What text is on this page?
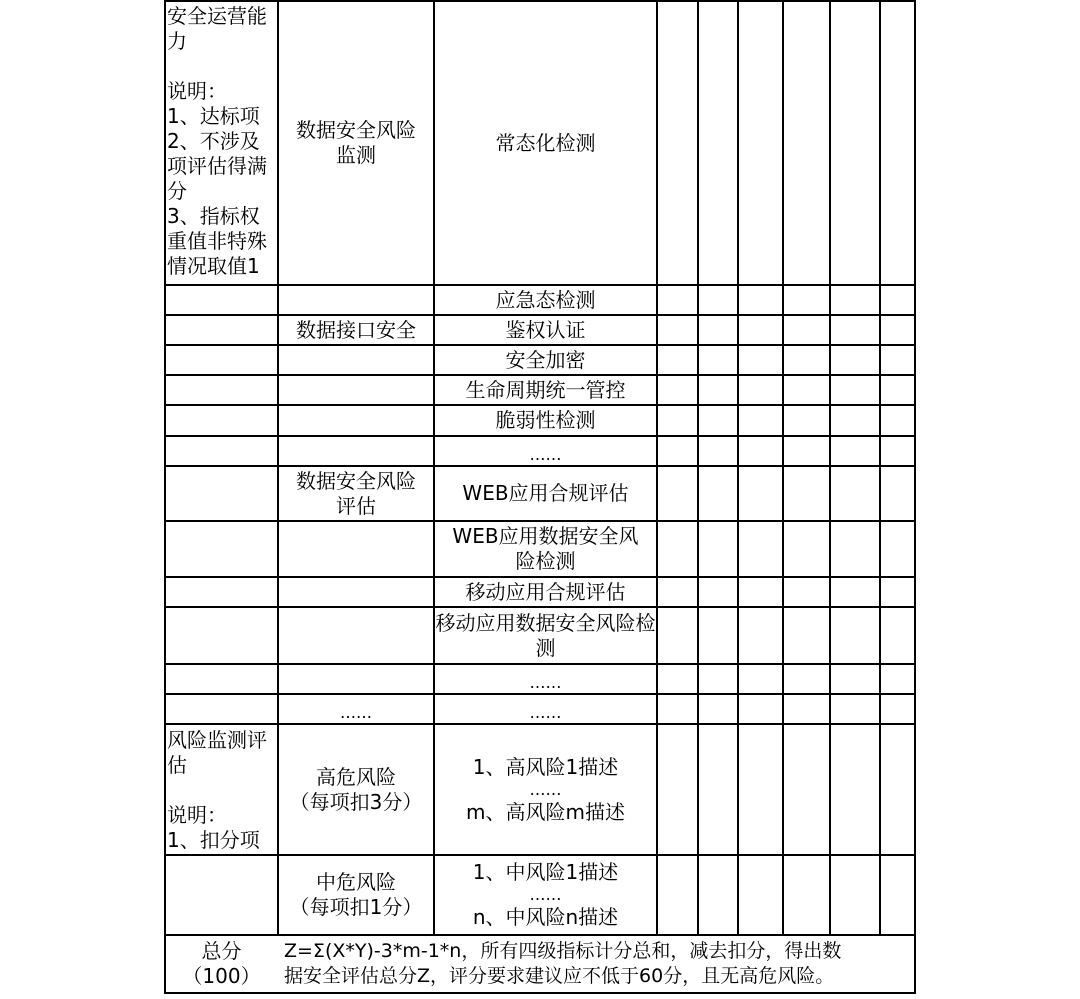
安全运营能力
说明：
1、达标项
2、不涉及项评估得满分
3、指标权重值非特殊情况取值1
数据安全风险监测
常态化检测
应急态检测
数据接口安全	鉴权认证
安全加密
生命周期统一管控
脆弱性检测
……
数据安全风险评估
WEB应用合规评估
WEB应用数据安全风险检测
移动应用合规评估
移动应用数据安全风险检测
……
……	……
风险监测评估
说明：
1、扣分项
高危风险
（每项扣3分）
1、高风险1描述
……
m、高风险m描述
中危风险
（每项扣1分）
1、中风险1描述
……
n、中风险n描述
总分
（100）
Z=Σ(X*Y)-3*m-1*n，所有四级指标计分总和，减去扣分，得出数
据安全评估总分Z，评分要求建议应不低于60分，且无高危风险。
